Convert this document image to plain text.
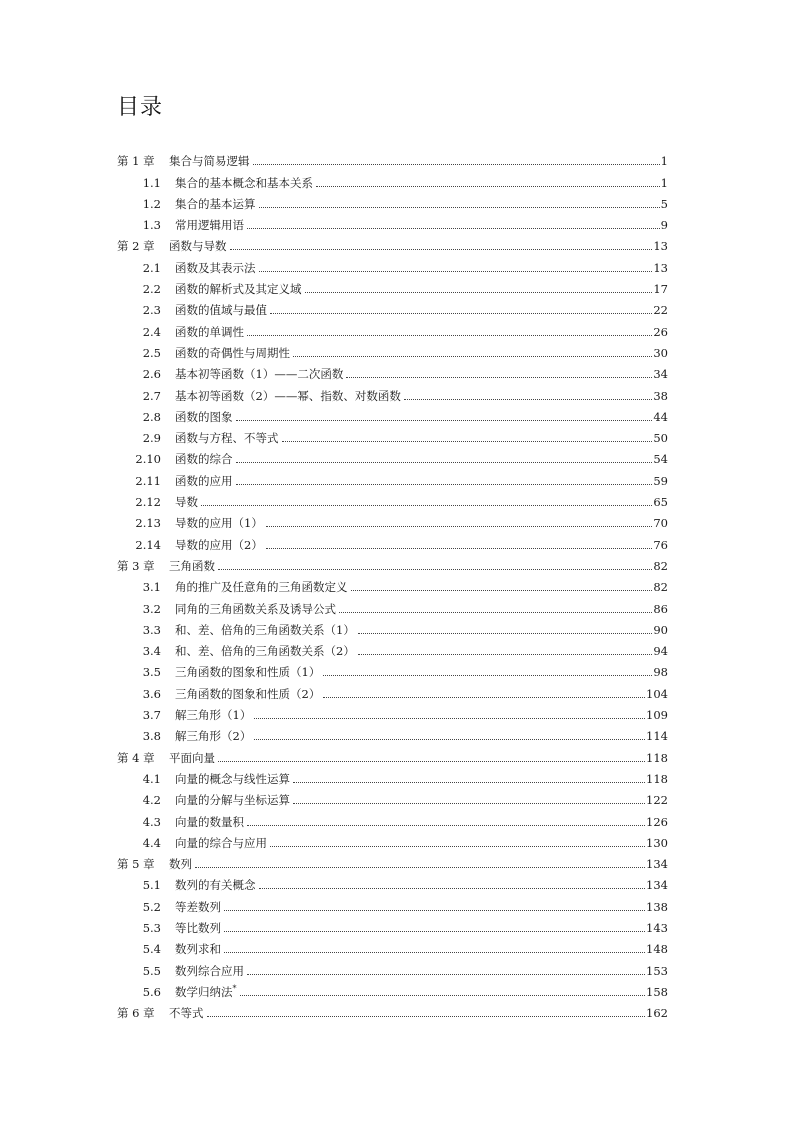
目录
第 1 章	集合与简易逻辑	1
1.1	集合的基本概念和基本关系	1
1.2	集合的基本运算	5
1.3	常用逻辑用语	9
第 2 章	函数与导数	13
2.1	函数及其表示法	13
2.2	函数的解析式及其定义域	17
2.3	函数的值域与最值	22
2.4	函数的单调性	26
2.5	函数的奇偶性与周期性	30
2.6	基本初等函数（1）——二次函数	34
2.7	基本初等函数（2）——幂、指数、对数函数	38
2.8	函数的图象	44
2.9	函数与方程、不等式	50
2.10	函数的综合	54
2.11	函数的应用	59
2.12	导数	65
2.13	导数的应用（1）	70
2.14	导数的应用（2）	76
第 3 章	三角函数	82
3.1	角的推广及任意角的三角函数定义	82
3.2	同角的三角函数关系及诱导公式	86
3.3	和、差、倍角的三角函数关系（1）	90
3.4	和、差、倍角的三角函数关系（2）	94
3.5	三角函数的图象和性质（1）	98
3.6	三角函数的图象和性质（2）	104
3.7	解三角形（1）	109
3.8	解三角形（2）	114
第 4 章	平面向量	118
4.1	向量的概念与线性运算	118
4.2	向量的分解与坐标运算	122
4.3	向量的数量积	126
4.4	向量的综合与应用	130
第 5 章	数列	134
5.1	数列的有关概念	134
5.2	等差数列	138
5.3	等比数列	143
5.4	数列求和	148
5.5	数列综合应用	153
5.6	数学归纳法*	158
第 6 章	不等式	162
